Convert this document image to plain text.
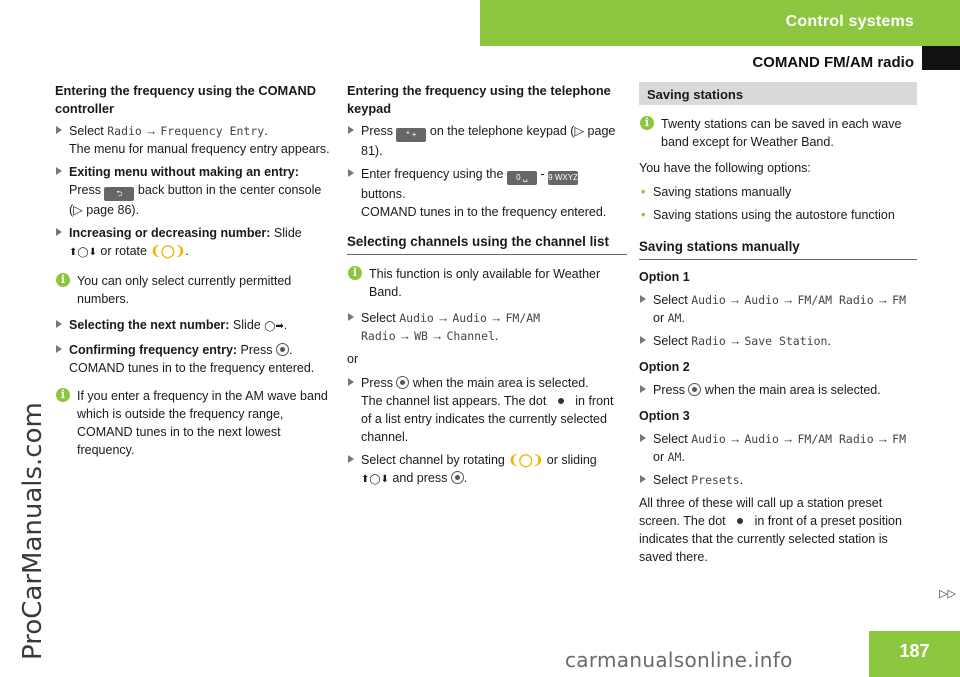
Control systems
COMAND FM/AM radio
ProCarManuals.com
Entering the frequency using the COMAND controller
Select Radio → Frequency Entry.
The menu for manual frequency entry appears.
Exiting menu without making an entry:
Press ⮌ back button in the center console (▷ page 86).
Increasing or decreasing number: Slide
⬆◯⬇ or rotate ❨◯❩.
i You can only select currently permitted numbers.
Selecting the next number: Slide ◯➡.
Confirming frequency entry: Press .
COMAND tunes in to the frequency entered.
i If you enter a frequency in the AM wave band which is outside the frequency range, COMAND tunes in to the next lowest frequency.
Entering the frequency using the telephone keypad
Press * + on the telephone keypad (▷ page 81).
Enter frequency using the 0 ␣ - 9 WXYZ
buttons.
COMAND tunes in to the frequency entered.
Selecting channels using the channel list
i This function is only available for Weather Band.
Select Audio → Audio → FM/AM Radio → WB → Channel.
or
Press  when the main area is selected.
The channel list appears. The dot  in front of a list entry indicates the currently selected channel.
Select channel by rotating ❨◯❩ or sliding
⬆◯⬇ and press .
Saving stations
i Twenty stations can be saved in each wave band except for Weather Band.
You have the following options:
• Saving stations manually
• Saving stations using the autostore function
Saving stations manually
Option 1
Select Audio → Audio → FM/AM Radio → FM or AM.
Select Radio → Save Station.
Option 2
Press  when the main area is selected.
Option 3
Select Audio → Audio → FM/AM Radio → FM or AM.
Select Presets.
All three of these will call up a station preset screen. The dot  in front of a preset position indicates that the currently selected station is saved there.
▷▷
187
carmanualsonline.info
